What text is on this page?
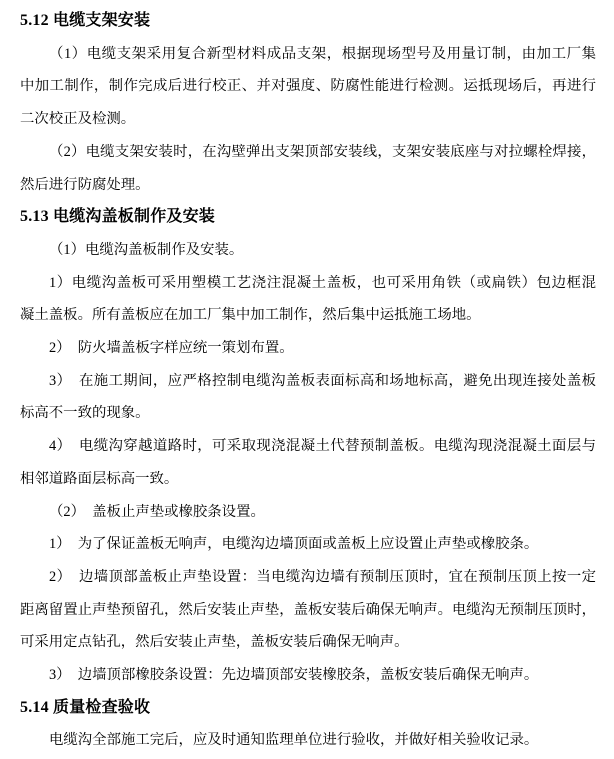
5.12 电缆支架安装
（1）电缆支架采用复合新型材料成品支架，根据现场型号及用量订制，由加工厂集
中加工制作，制作完成后进行校正、并对强度、防腐性能进行检测。运抵现场后，再进行
二次校正及检测。
（2）电缆支架安装时，在沟壁弹出支架顶部安装线，支架安装底座与对拉螺栓焊接，
然后进行防腐处理。
5.13 电缆沟盖板制作及安装
（1）电缆沟盖板制作及安装。
1）电缆沟盖板可采用塑模工艺浇注混凝土盖板，也可采用角铁（或扁铁）包边框混
凝土盖板。所有盖板应在加工厂集中加工制作，然后集中运抵施工场地。
2）　防火墙盖板字样应统一策划布置。
3）　在施工期间，应严格控制电缆沟盖板表面标高和场地标高，避免出现连接处盖板
标高不一致的现象。
4）　电缆沟穿越道路时，可采取现浇混凝土代替预制盖板。电缆沟现浇混凝土面层与
相邻道路面层标高一致。
（2）　盖板止声垫或橡胶条设置。
1）　为了保证盖板无响声，电缆沟边墙顶面或盖板上应设置止声垫或橡胶条。
2）　边墙顶部盖板止声垫设置：当电缆沟边墙有预制压顶时，宜在预制压顶上按一定
距离留置止声垫预留孔，然后安装止声垫，盖板安装后确保无响声。电缆沟无预制压顶时，
可采用定点钻孔，然后安装止声垫，盖板安装后确保无响声。
3）　边墙顶部橡胶条设置：先边墙顶部安装橡胶条，盖板安装后确保无响声。
5.14 质量检查验收
电缆沟全部施工完后，应及时通知监理单位进行验收，并做好相关验收记录。
